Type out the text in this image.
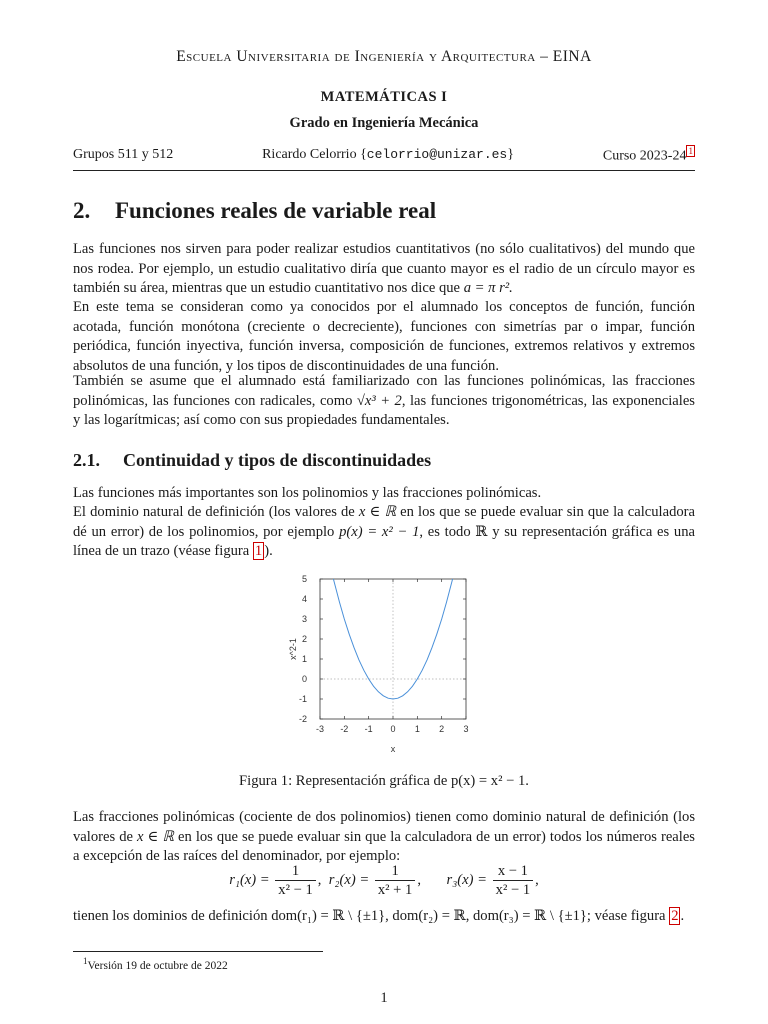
Escuela Universitaria de Ingeniería y Arquitectura – EINA
MATEMÁTICAS I
Grado en Ingeniería Mecánica
Grupos 511 y 512	Ricardo Celorrio {celorrio@unizar.es}	Curso 2023-24 $^1$
2. Funciones reales de variable real
Las funciones nos sirven para poder realizar estudios cuantitativos (no sólo cualitativos) del mundo que nos rodea. Por ejemplo, un estudio cualitativo diría que cuanto mayor es el radio de un círculo mayor es también su área, mientras que un estudio cuantitativo nos dice que a = π r².
En este tema se consideran como ya conocidos por el alumnado los conceptos de función, función acotada, función monótona (creciente o decreciente), funciones con simetrías par o impar, función periódica, función inyectiva, función inversa, composición de funciones, extremos relativos y extremos absolutos de una función, y los tipos de discontinuidades de una función.
También se asume que el alumnado está familiarizado con las funciones polinómicas, las fracciones polinómicas, las funciones con radicales, como √x³ + 2, las funciones trigonométricas, las exponenciales y las logarítmicas; así como con sus propiedades fundamentales.
2.1. Continuidad y tipos de discontinuidades
Las funciones más importantes son los polinomios y las fracciones polinómicas.
El dominio natural de definición (los valores de x ∈ ℝ en los que se puede evaluar sin que la calculadora dé un error) de los polinomios, por ejemplo p(x) = x² − 1, es todo ℝ y su representación gráfica es una línea de un trazo (véase figura 1 ).
-3 -2 -1 0 1 2 3
-2
-1
0
1
2
3
4
5
x
x^2-1
Figura 1: Representación gráfica de p(x) = x² − 1.
Las fracciones polinómicas (cociente de dos polinomios) tienen como dominio natural de definición (los valores de x ∈ ℝ en los que se puede evaluar sin que la calculadora de un error) todos los números reales a excepción de las raíces del denominador, por ejemplo:
$r_1(x) = \frac{1}{\text{x² − 1}}$ ,  $r_2(x) = \frac{1}{\text{x² + 1}}$ ,       $r_3(x) = \frac{x - 1}{\text{x² − 1}}$ ,
tienen los dominios de definición dom(r₁) = ℝ \ {±1}, dom(r₂) = ℝ, dom(r₃) = ℝ \ {±1}; véase figura 2 .
$^1$Versión 19 de octubre de 2022
1
